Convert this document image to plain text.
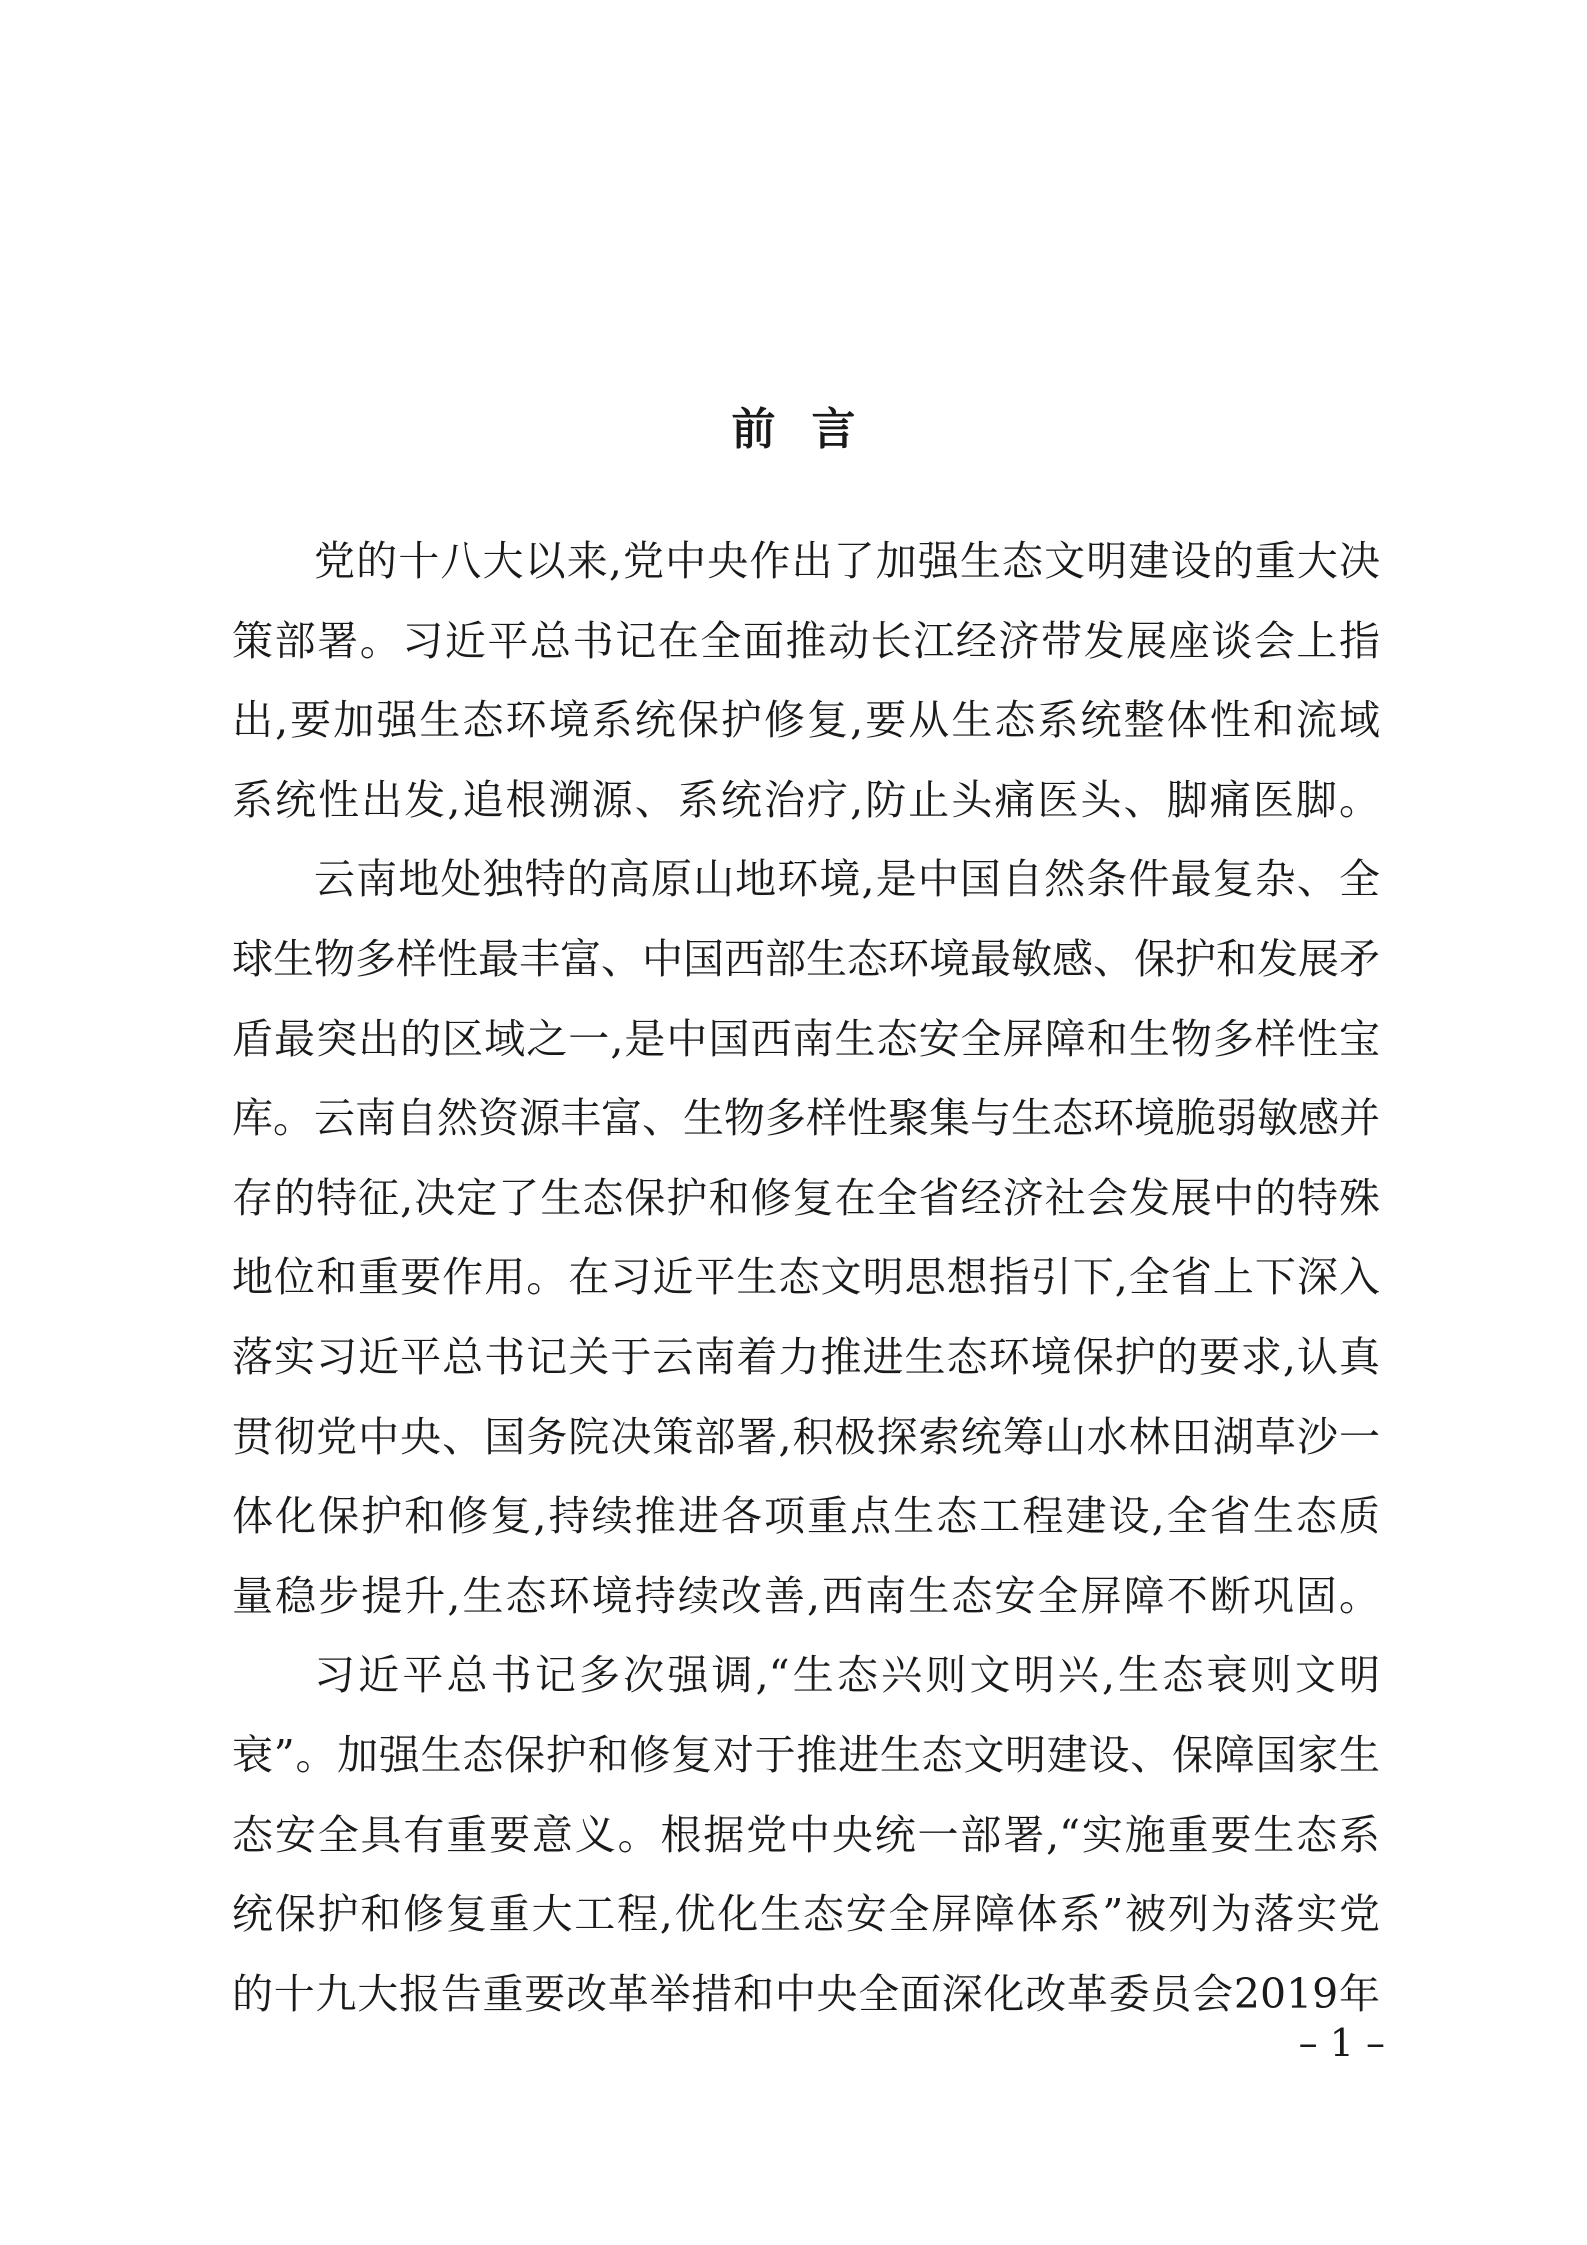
前言
党的十八大以来,党中央作出了加强生态文明建设的重大决
策部署。习近平总书记在全面推动长江经济带发展座谈会上指
出,要加强生态环境系统保护修复,要从生态系统整体性和流域
系统性出发,追根溯源、系统治疗,防止头痛医头、脚痛医脚。
云南地处独特的高原山地环境,是中国自然条件最复杂、全
球生物多样性最丰富、中国西部生态环境最敏感、保护和发展矛
盾最突出的区域之一,是中国西南生态安全屏障和生物多样性宝
库。云南自然资源丰富、生物多样性聚集与生态环境脆弱敏感并
存的特征,决定了生态保护和修复在全省经济社会发展中的特殊
地位和重要作用。在习近平生态文明思想指引下,全省上下深入
落实习近平总书记关于云南着力推进生态环境保护的要求,认真
贯彻党中央、国务院决策部署,积极探索统筹山水林田湖草沙一
体化保护和修复,持续推进各项重点生态工程建设,全省生态质
量稳步提升,生态环境持续改善,西南生态安全屏障不断巩固。
习近平总书记多次强调,“生态兴则文明兴,生态衰则文明
衰”。加强生态保护和修复对于推进生态文明建设、保障国家生
态安全具有重要意义。根据党中央统一部署,“实施重要生态系
统保护和修复重大工程,优化生态安全屏障体系”被列为落实党
的十九大报告重要改革举措和中央全面深化改革委员会2019年
– 1 –
